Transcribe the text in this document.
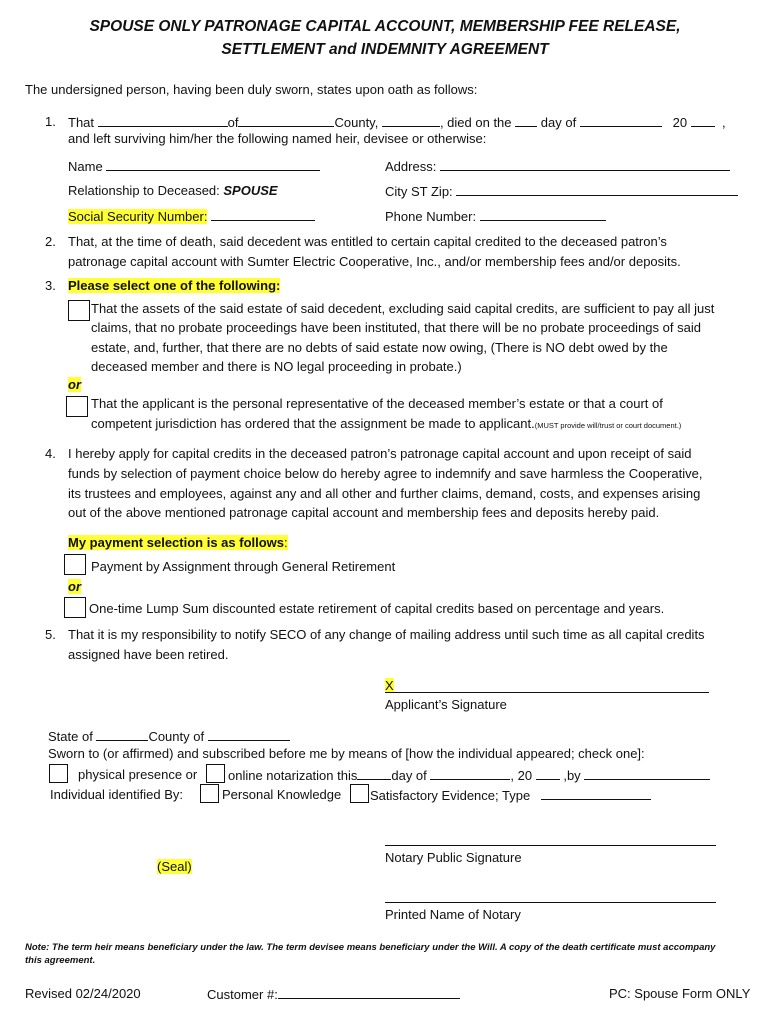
SPOUSE ONLY PATRONAGE CAPITAL ACCOUNT, MEMBERSHIP FEE RELEASE,
SETTLEMENT and INDEMNITY AGREEMENT
The undersigned person, having been duly sworn, states upon oath as follows:
1. That	of	County,	, died on the day of	20	,
and left surviving him/her the following named heir, devisee or otherwise:
Name	Address:
Relationship to Deceased: SPOUSE	City ST Zip:
Social Security Number:	Phone Number:
2. That, at the time of death, said decedent was entitled to certain capital credited to the deceased patron’s
patronage capital account with Sumter Electric Cooperative, Inc., and/or membership fees and/or deposits.
3. Please select one of the following:
That the assets of the said estate of said decedent, excluding said capital credits, are sufficient to pay all just
claims, that no probate proceedings have been instituted, that there will be no probate proceedings of said
estate, and, further, that there are no debts of said estate now owing, (There is NO debt owed by the
deceased member and there is NO legal proceeding in probate.)
or
That the applicant is the personal representative of the deceased member’s estate or that a court of
competent jurisdiction has ordered that the assignment be made to applicant.(MUST provide will/trust or court document.)
4. I hereby apply for capital credits in the deceased patron’s patronage capital account and upon receipt of said
funds by selection of payment choice below do hereby agree to indemnify and save harmless the Cooperative,
its trustees and employees, against any and all other and further claims, demand, costs, and expenses arising
out of the above mentioned patronage capital account and membership fees and deposits hereby paid.
My payment selection is as follows:
Payment by Assignment through General Retirement
or
One-time Lump Sum discounted estate retirement of capital credits based on percentage and years.
5. That it is my responsibility to notify SECO of any change of mailing address until such time as all capital credits
assigned have been retired.
X
Applicant’s Signature
State of	County of
Sworn to (or affirmed) and subscribed before me by means of [how the individual appeared; check one]:
physical presence or online notarization this	day of	, 20 ,by
Individual identified By:	Personal Knowledge Satisfactory Evidence; Type
Notary Public Signature
(Seal)
Printed Name of Notary
Note: The term heir means beneficiary under the law. The term devisee means beneficiary under the Will. A copy of the death certificate must accompany this agreement.
Revised 02/24/2020	Customer #:	PC: Spouse Form ONLY
